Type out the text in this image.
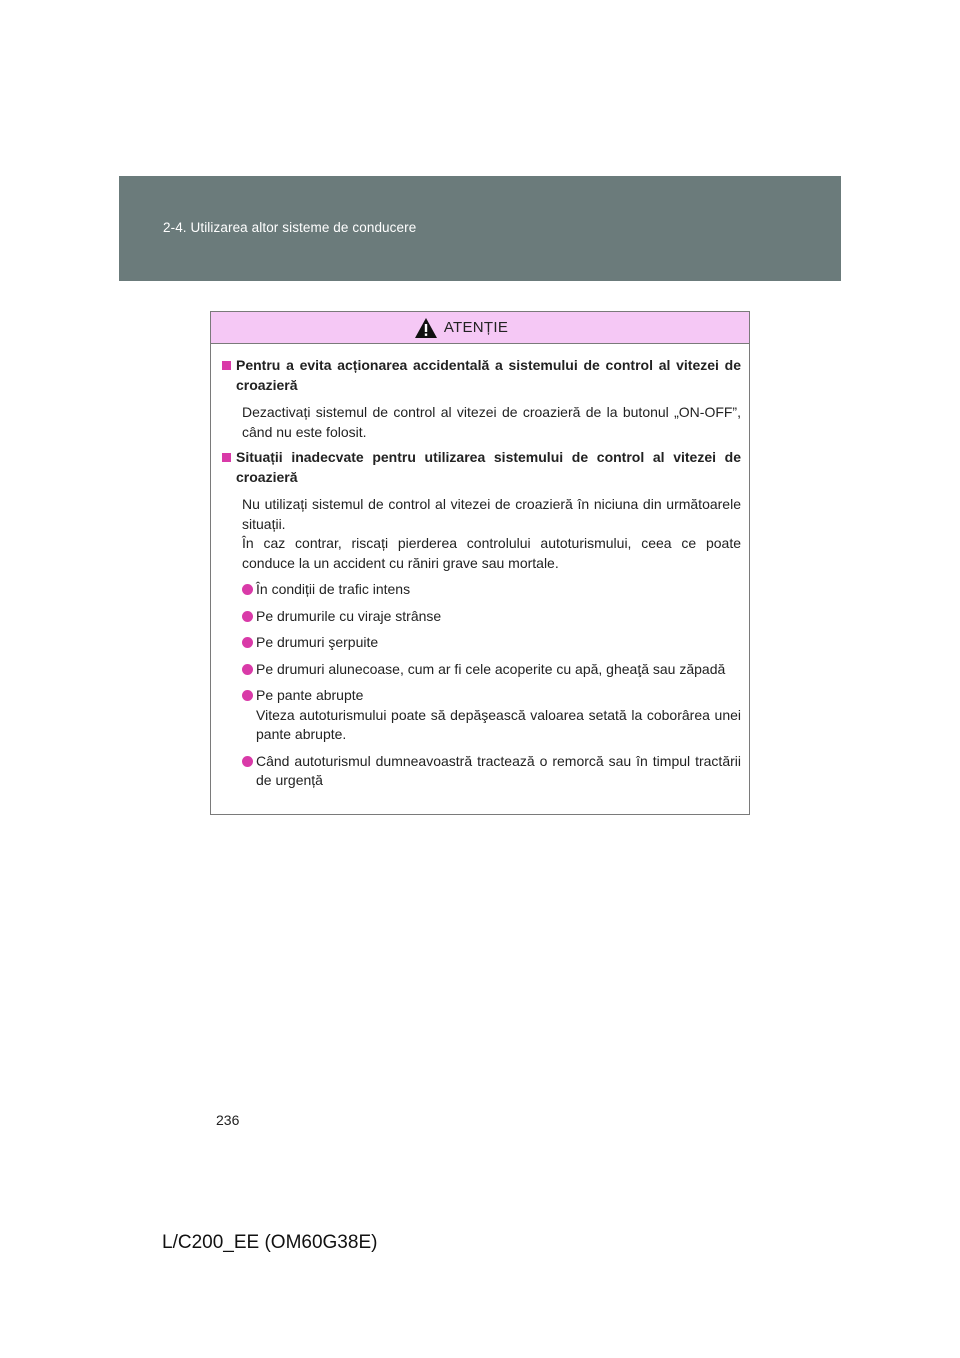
2-4. Utilizarea altor sisteme de conducere
ATENȚIE
Pentru a evita acționarea accidentală a sistemului de control al vitezei de croazieră
Dezactivați sistemul de control al vitezei de croazieră de la butonul „ON-OFF”, când nu este folosit.
Situații inadecvate pentru utilizarea sistemului de control al vitezei de croazieră
Nu utilizați sistemul de control al vitezei de croazieră în niciuna din următoarele situații.
În caz contrar, riscați pierderea controlului autoturismului, ceea ce poate conduce la un accident cu răniri grave sau mortale.
În condiții de trafic intens
Pe drumurile cu viraje strânse
Pe drumuri şerpuite
Pe drumuri alunecoase, cum ar fi cele acoperite cu apă, gheaţă sau zăpadă
Pe pante abrupte
Viteza autoturismului poate să depăşească valoarea setată la coborârea unei pante abrupte.
Când autoturismul dumneavoastră tractează o remorcă sau în timpul tractării de urgență
236
L/C200_EE (OM60G38E)
